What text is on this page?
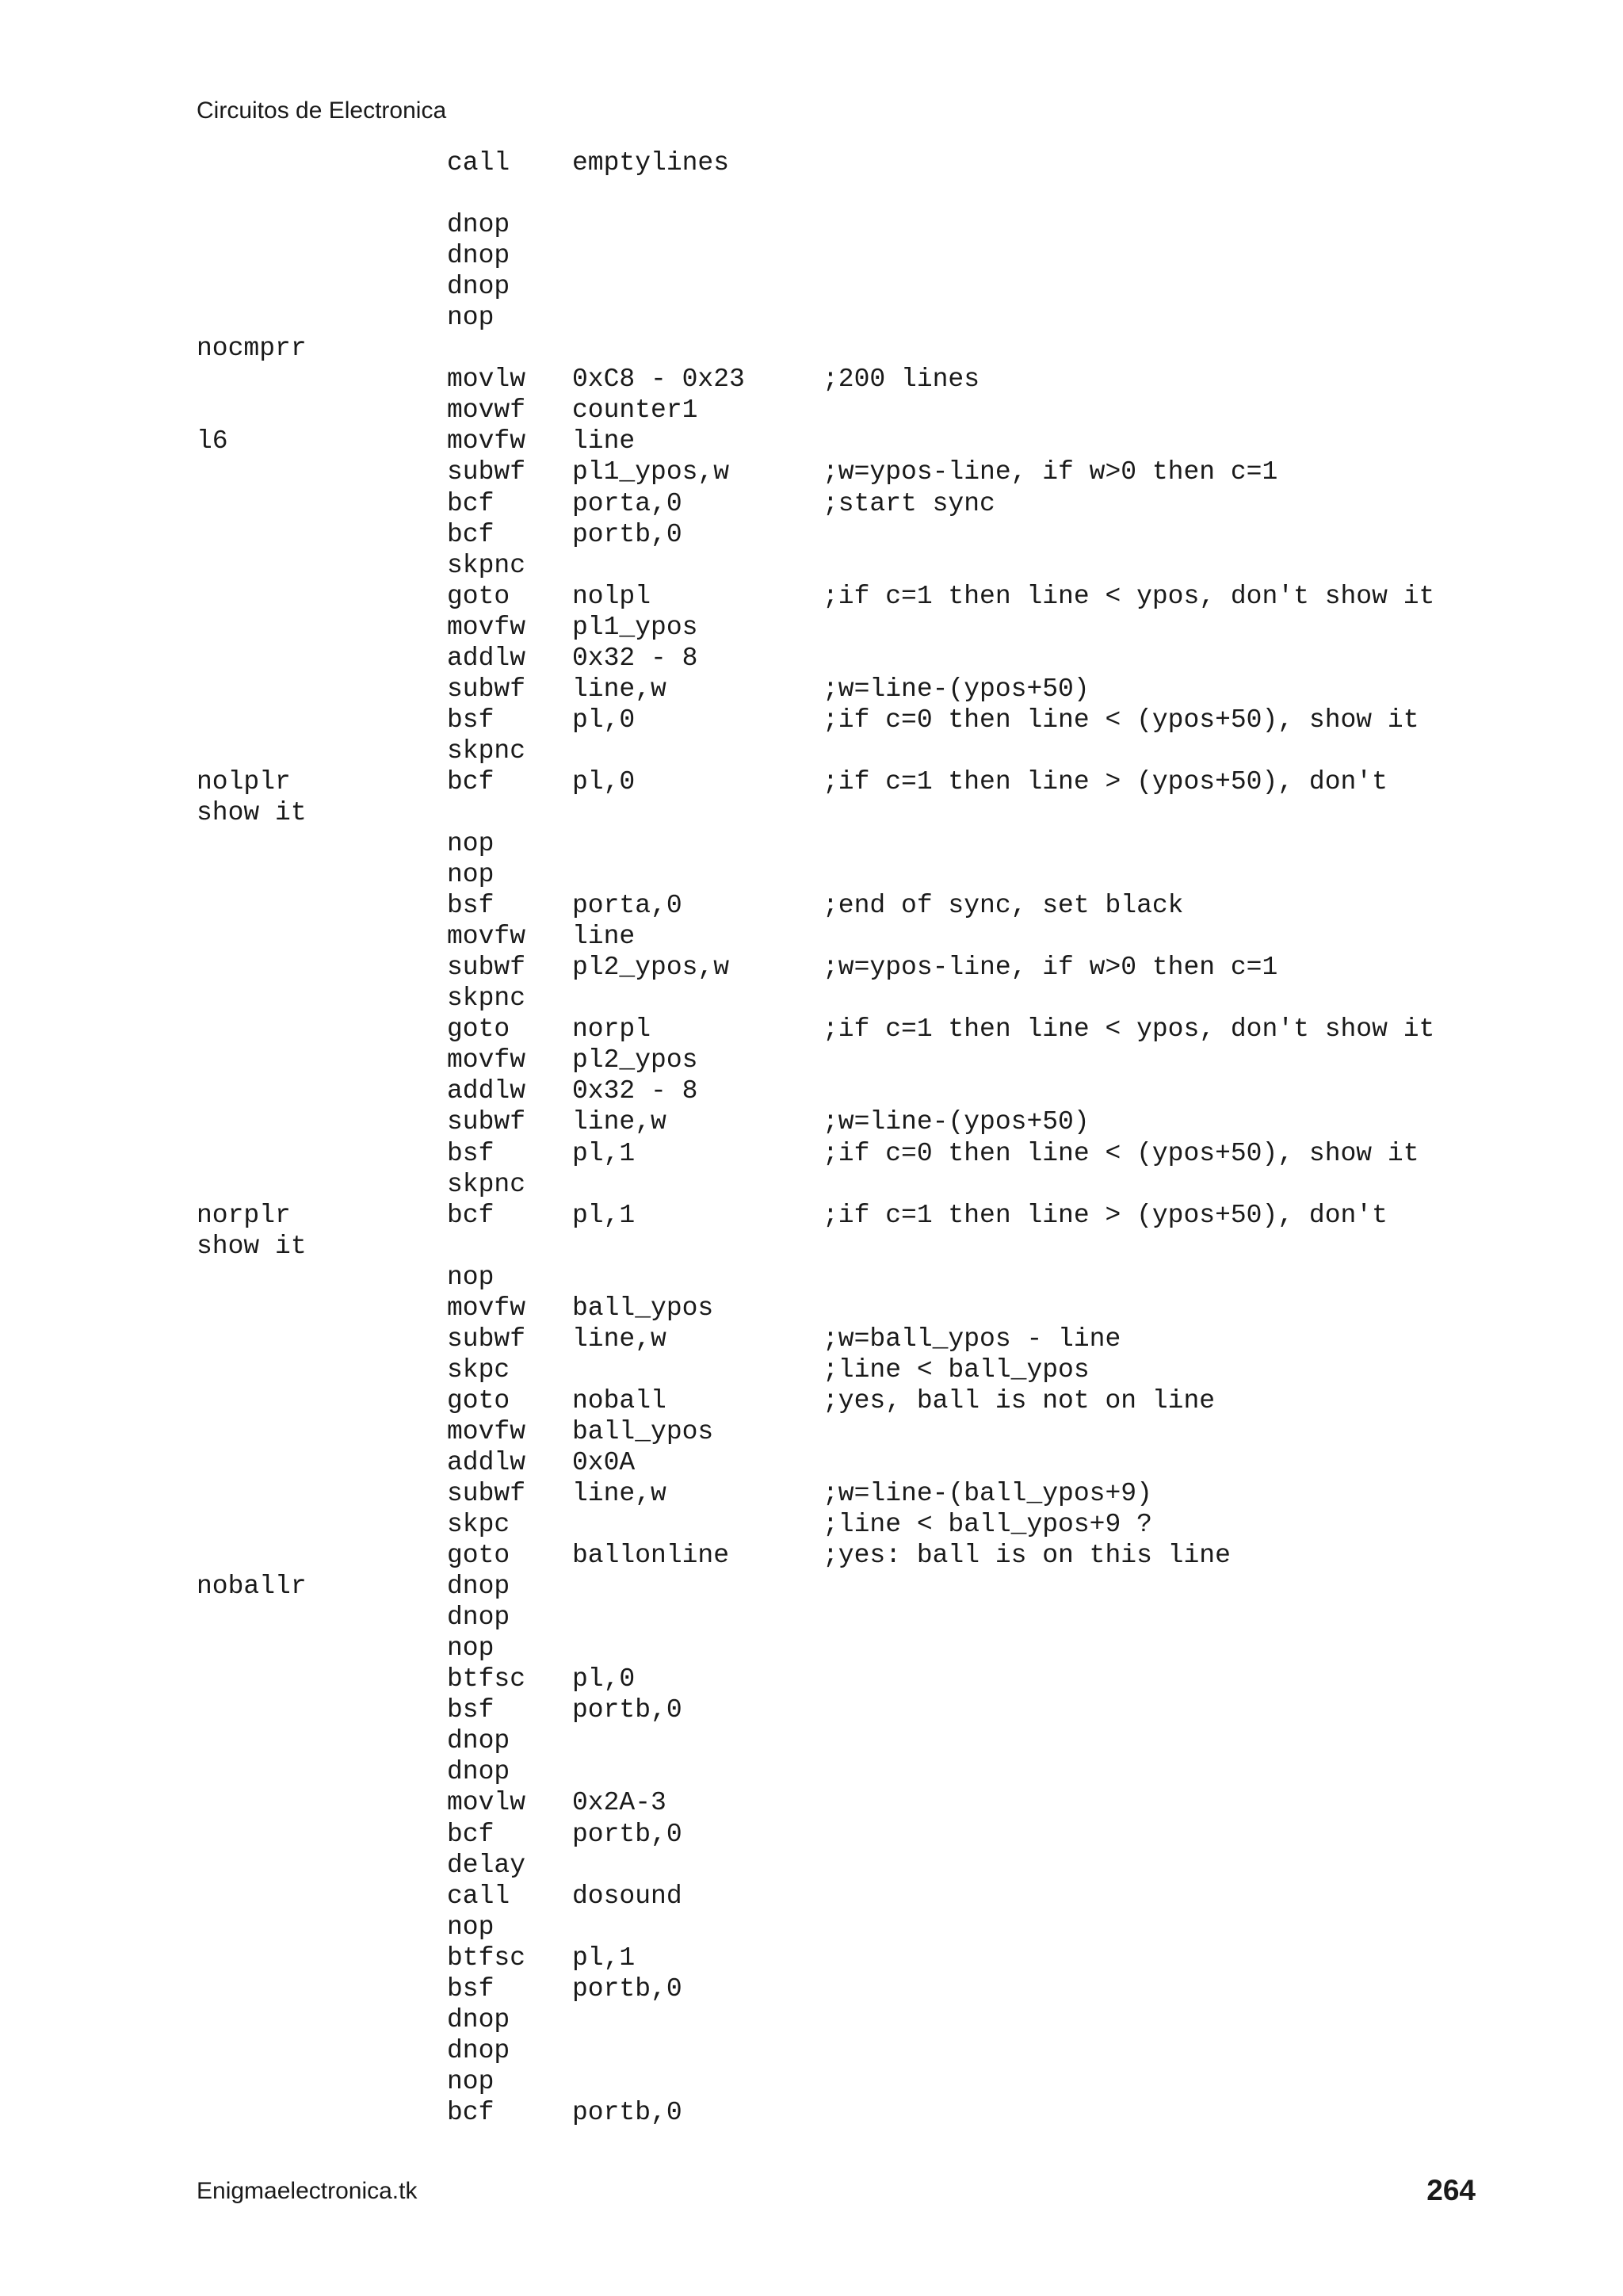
Circuitos de Electronica
call emptylines
dnop
dnop
dnop
nop
nocmprr
movlw 0xC8 - 0x23	;200 lines
movwf counter1
l6	movfw line
subwf pl1_ypos,w	;w=ypos-line, if w>0 then c=1
bcf	porta,0	;start sync
bcf	portb,0
skpnc
goto nolpl	;if c=1 then line < ypos, don't show it
movfw pl1_ypos
addlw 0x32 - 8
subwf line,w	;w=line-(ypos+50)
bsf	pl,0	;if c=0 then line < (ypos+50), show it
skpnc
nolplr	bcf	pl,0	;if c=1 then line > (ypos+50), don't
show it
nop
nop
bsf	porta,0	;end of sync, set black
movfw line
subwf pl2_ypos,w	;w=ypos-line, if w>0 then c=1
skpnc
goto norpl	;if c=1 then line < ypos, don't show it
movfw pl2_ypos
addlw 0x32 - 8
subwf line,w	;w=line-(ypos+50)
bsf	pl,1	;if c=0 then line < (ypos+50), show it
skpnc
norplr	bcf	pl,1	;if c=1 then line > (ypos+50), don't
show it
nop
movfw ball_ypos
subwf line,w	;w=ball_ypos - line
skpc	;line < ball_ypos
goto noball	;yes, ball is not on line
movfw ball_ypos
addlw 0x0A
subwf line,w	;w=line-(ball_ypos+9)
skpc	;line < ball_ypos+9 ?
goto ballonline	;yes: ball is on this line
noballr	dnop
dnop
nop
btfsc pl,0
bsf	portb,0
dnop
dnop
movlw 0x2A-3
bcf	portb,0
delay
call dosound
nop
btfsc pl,1
bsf	portb,0
dnop
dnop
nop
bcf	portb,0
Enigmaelectronica.tk	264
